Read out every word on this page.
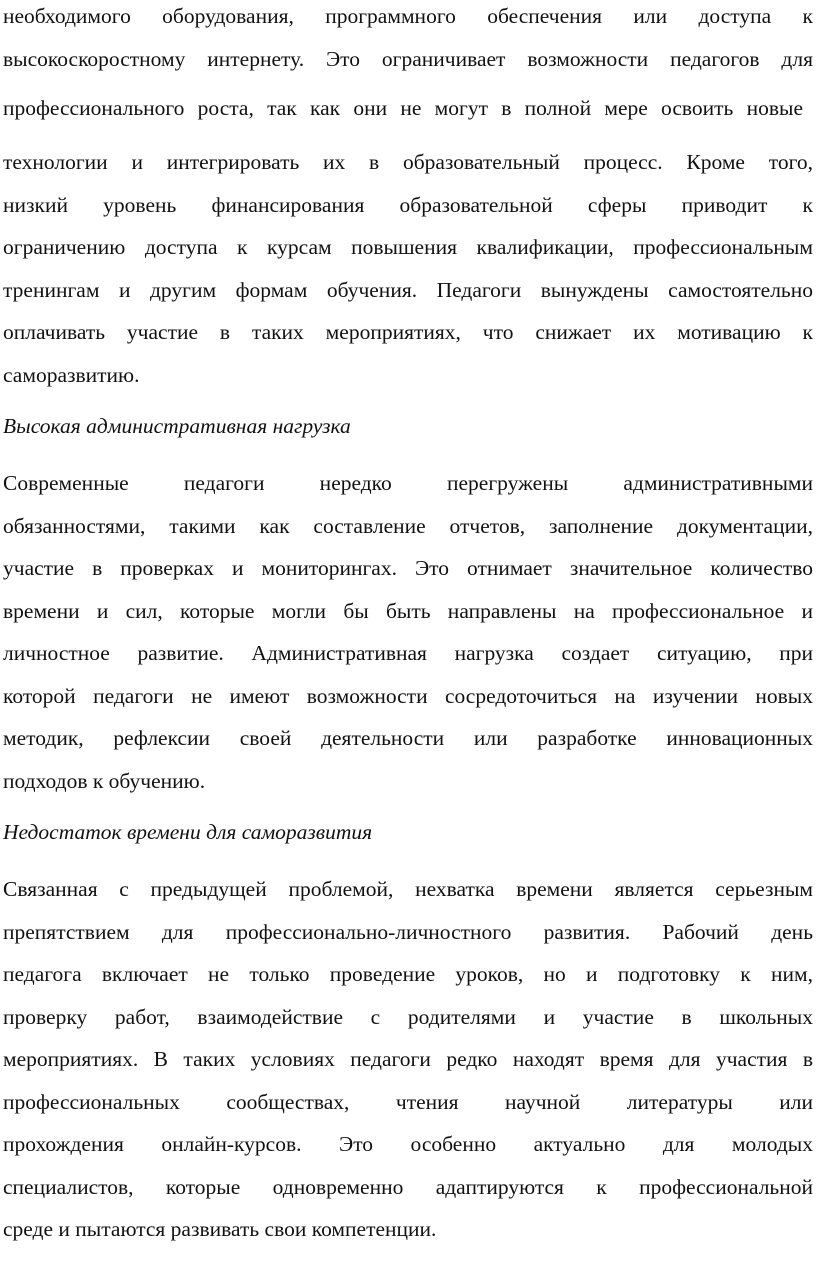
необходимого оборудования, программного обеспечения или доступа к
высокоскоростному интернету. Это ограничивает возможности педагогов для
профессионального роста, так как они не могут в полной мере освоить новые
технологии и интегрировать их в образовательный процесс. Кроме того,
низкий уровень финансирования образовательной сферы приводит к
ограничению доступа к курсам повышения квалификации, профессиональным
тренингам и другим формам обучения. Педагоги вынуждены самостоятельно
оплачивать участие в таких мероприятиях, что снижает их мотивацию к
саморазвитию.
Высокая административная нагрузка
Современные педагоги нередко перегружены административными
обязанностями, такими как составление отчетов, заполнение документации,
участие в проверках и мониторингах. Это отнимает значительное количество
времени и сил, которые могли бы быть направлены на профессиональное и
личностное развитие. Административная нагрузка создает ситуацию, при
которой педагоги не имеют возможности сосредоточиться на изучении новых
методик, рефлексии своей деятельности или разработке инновационных
подходов к обучению.
Недостаток времени для саморазвития
Связанная с предыдущей проблемой, нехватка времени является серьезным
препятствием для профессионально-личностного развития. Рабочий день
педагога включает не только проведение уроков, но и подготовку к ним,
проверку работ, взаимодействие с родителями и участие в школьных
мероприятиях. В таких условиях педагоги редко находят время для участия в
профессиональных сообществах, чтения научной литературы или
прохождения онлайн-курсов. Это особенно актуально для молодых
специалистов, которые одновременно адаптируются к профессиональной
среде и пытаются развивать свои компетенции.
